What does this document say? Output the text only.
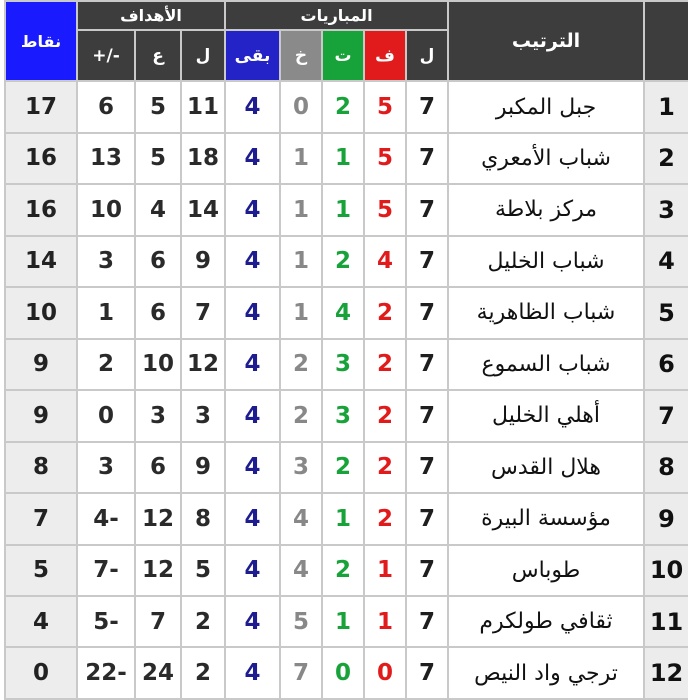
نقاط	الأهداف			المباريات					الترتيب	
	+/-	ع	ل	بقى	خ	ت	ف	ل		
17	6	5	11	4	0	2	5	7	جبل المكبر	1
16	13	5	18	4	1	1	5	7	شباب الأمعري	2
16	10	4	14	4	1	1	5	7	مركز بلاطة	3
14	3	6	9	4	1	2	4	7	شباب الخليل	4
10	1	6	7	4	1	4	2	7	شباب الظاهرية	5
9	2	10	12	4	2	3	2	7	شباب السموع	6
9	0	3	3	4	2	3	2	7	أهلي الخليل	7
8	3	6	9	4	3	2	2	7	هلال القدس	8
7	4-	12	8	4	4	1	2	7	مؤسسة البيرة	9
5	7-	12	5	4	4	2	1	7	طوباس	10
4	5-	7	2	4	5	1	1	7	ثقافي طولكرم	11
0	22-	24	2	4	7	0	0	7	ترجي واد النيص	12
